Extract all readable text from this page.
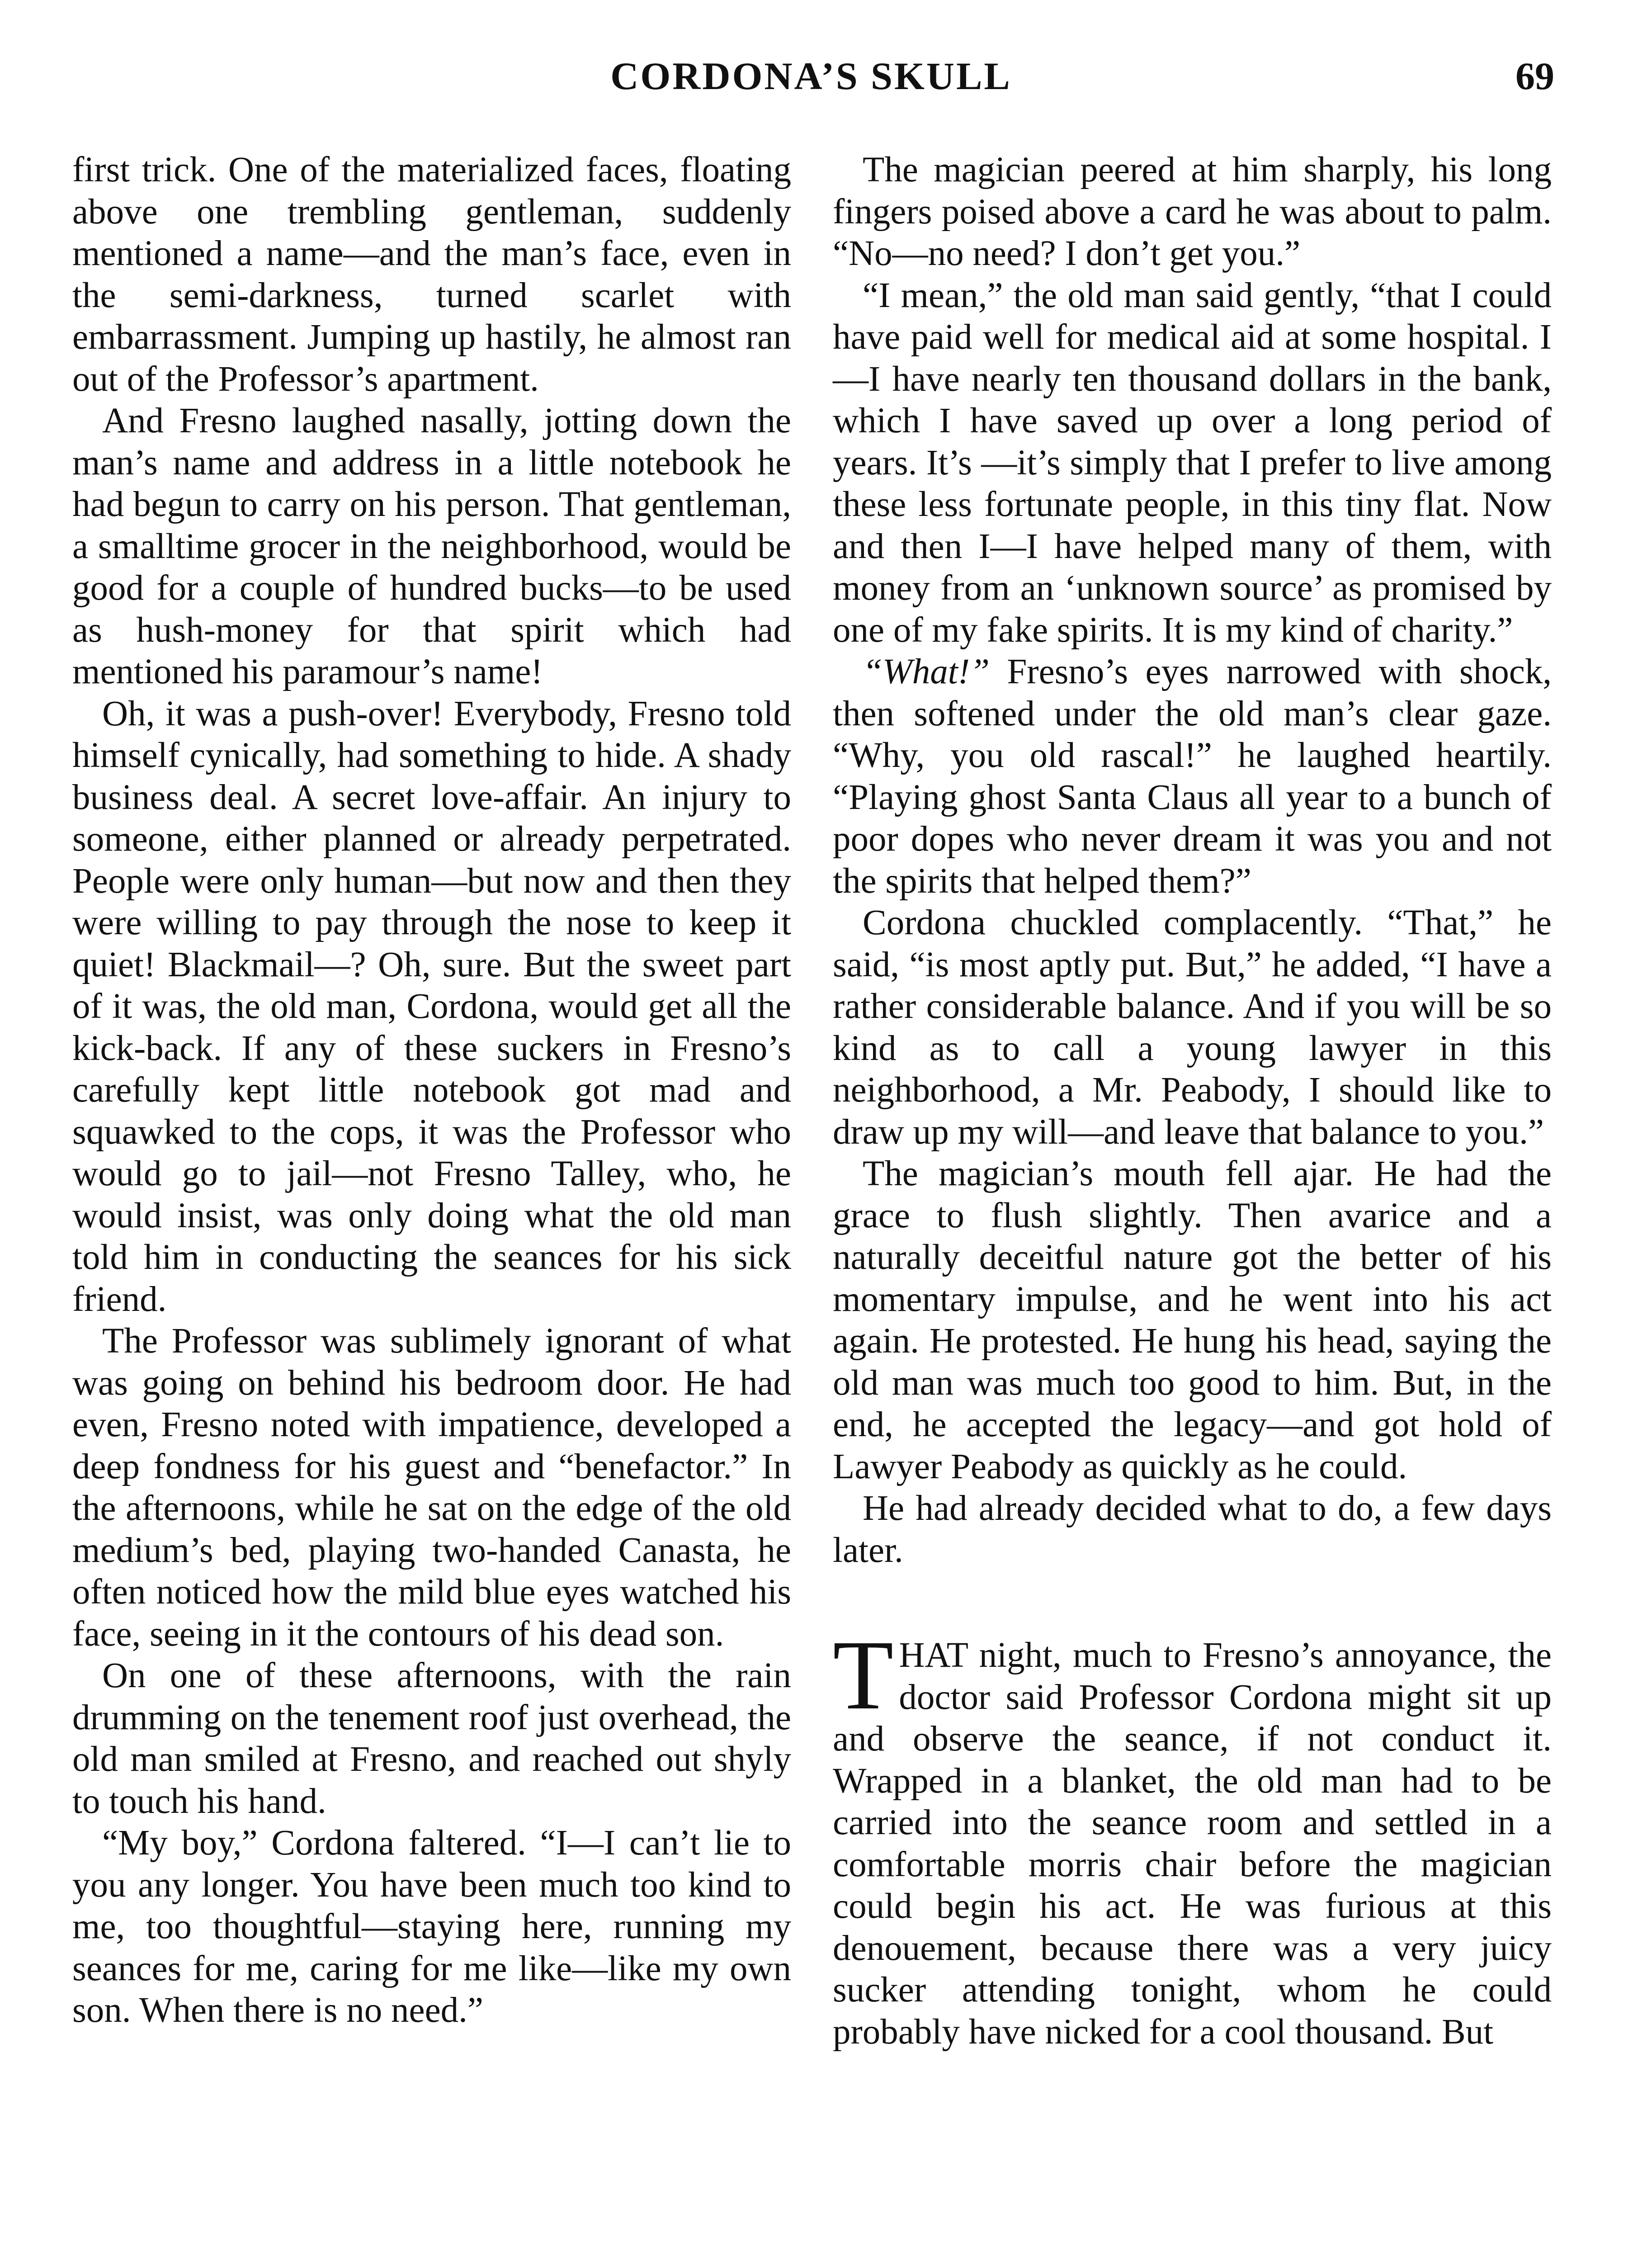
CORDONA’S SKULL	69

first trick. One of the materialized faces, floating above one trembling gentleman, suddenly mentioned a name—and the man’s face, even in the semi-darkness, turned scarlet with embarrassment. Jumping up hastily, he almost ran out of the Professor’s apartment.

And Fresno laughed nasally, jotting down the man’s name and address in a little notebook he had begun to carry on his person. That gentleman, a smalltime grocer in the neighborhood, would be good for a couple of hundred bucks—to be used as hush-money for that spirit which had mentioned his paramour’s name!

Oh, it was a push-over! Everybody, Fresno told himself cynically, had something to hide. A shady business deal. A secret love-affair. An injury to someone, either planned or already perpetrated. People were only human—but now and then they were willing to pay through the nose to keep it quiet! Blackmail—? Oh, sure. But the sweet part of it was, the old man, Cordona, would get all the kick-back. If any of these suckers in Fresno’s carefully kept little notebook got mad and squawked to the cops, it was the Professor who would go to jail—not Fresno Talley, who, he would insist, was only doing what the old man told him in conducting the seances for his sick friend.

The Professor was sublimely ignorant of what was going on behind his bedroom door. He had even, Fresno noted with impatience, developed a deep fondness for his guest and “benefactor.” In the afternoons, while he sat on the edge of the old medium’s bed, playing two-handed Canasta, he often noticed how the mild blue eyes watched his face, seeing in it the contours of his dead son.

On one of these afternoons, with the rain drumming on the tenement roof just overhead, the old man smiled at Fresno, and reached out shyly to touch his hand.

“My boy,” Cordona faltered. “I—I can’t lie to you any longer. You have been much too kind to me, too thoughtful—staying here, running my seances for me, caring for me like—like my own son. When there is no need.”

The magician peered at him sharply, his long fingers poised above a card he was about to palm. “No—no need? I don’t get you.”

“I mean,” the old man said gently, “that I could have paid well for medical aid at some hospital. I—I have nearly ten thousand dollars in the bank, which I have saved up over a long period of years. It’s —it’s simply that I prefer to live among these less fortunate people, in this tiny flat. Now and then I—I have helped many of them, with money from an ‘unknown source’ as promised by one of my fake spirits. It is my kind of charity.”

“What!” Fresno’s eyes narrowed with shock, then softened under the old man’s clear gaze. “Why, you old rascal!” he laughed heartily. “Playing ghost Santa Claus all year to a bunch of poor dopes who never dream it was you and not the spirits that helped them?”

Cordona chuckled complacently. “That,” he said, “is most aptly put. But,” he added, “I have a rather considerable balance. And if you will be so kind as to call a young lawyer in this neighborhood, a Mr. Peabody, I should like to draw up my will—and leave that balance to you.”

The magician’s mouth fell ajar. He had the grace to flush slightly. Then avarice and a naturally deceitful nature got the better of his momentary impulse, and he went into his act again. He protested. He hung his head, saying the old man was much too good to him. But, in the end, he accepted the legacy—and got hold of Lawyer Peabody as quickly as he could.

He had already decided what to do, a few days later.

THAT night, much to Fresno’s annoyance, the doctor said Professor Cordona might sit up and observe the seance, if not conduct it. Wrapped in a blanket, the old man had to be carried into the seance room and settled in a comfortable morris chair before the magician could begin his act. He was furious at this denouement, because there was a very juicy sucker attending tonight, whom he could probably have nicked for a cool thousand. But
